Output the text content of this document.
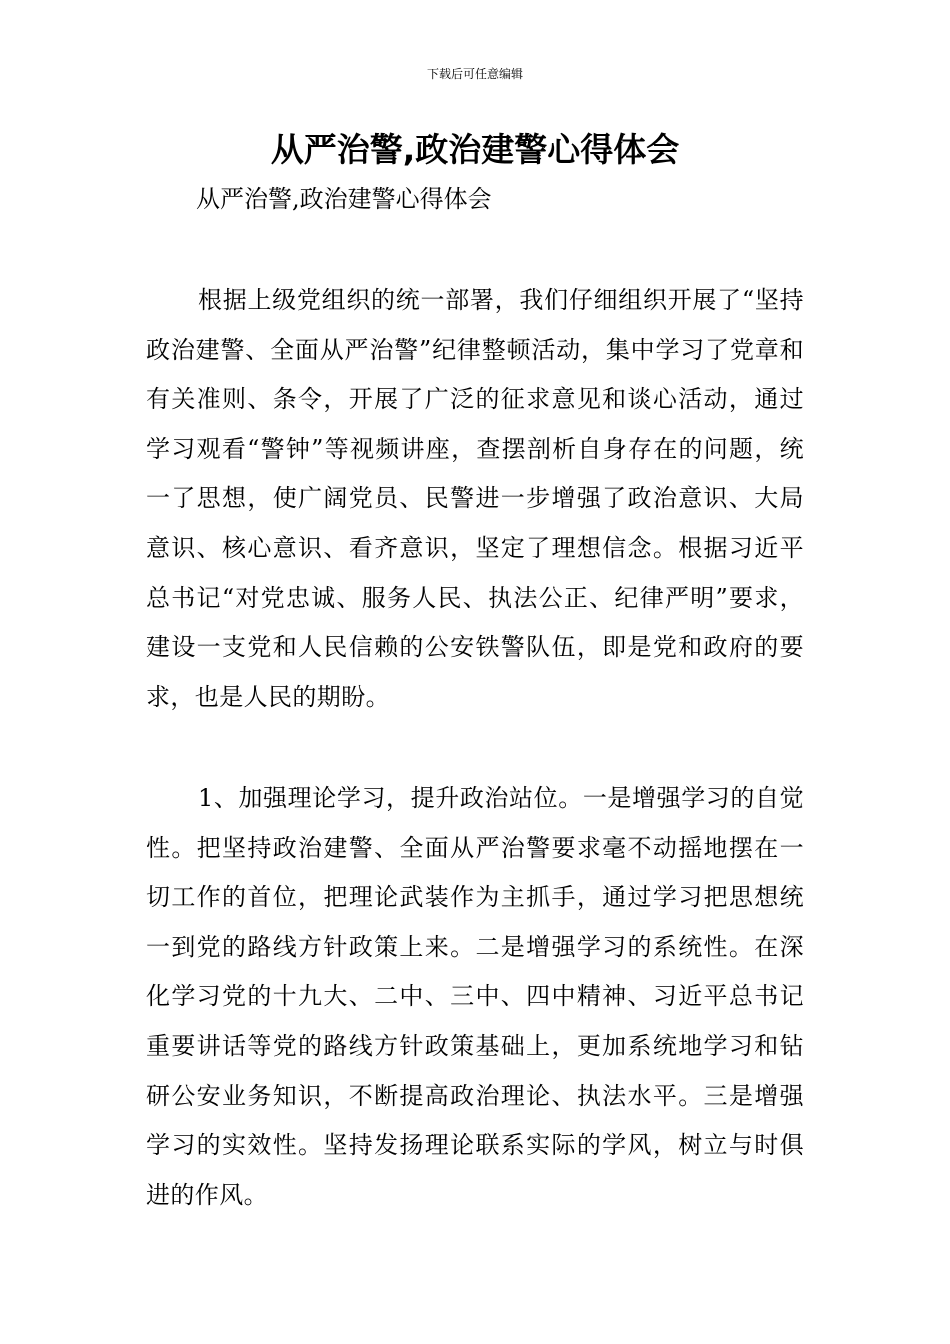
下载后可任意编辑
从严治警,政治建警心得体会

从严治警,政治建警心得体会

根据上级党组织的统一部署，我们仔细组织开展了“坚持政治建警、全面从严治警”纪律整顿活动，集中学习了党章和有关准则、条令，开展了广泛的征求意见和谈心活动，通过学习观看“警钟”等视频讲座，查摆剖析自身存在的问题，统一了思想，使广阔党员、民警进一步增强了政治意识、大局意识、核心意识、看齐意识，坚定了理想信念。根据习近平总书记“对党忠诚、服务人民、执法公正、纪律严明”要求，建设一支党和人民信赖的公安铁警队伍，即是党和政府的要求，也是人民的期盼。

1、加强理论学习，提升政治站位。一是增强学习的自觉性。把坚持政治建警、全面从严治警要求毫不动摇地摆在一切工作的首位，把理论武装作为主抓手，通过学习把思想统一到党的路线方针政策上来。二是增强学习的系统性。在深化学习党的十九大、二中、三中、四中精神、习近平总书记重要讲话等党的路线方针政策基础上，更加系统地学习和钻研公安业务知识，不断提高政治理论、执法水平。三是增强学习的实效性。坚持发扬理论联系实际的学风，树立与时俱进的作风。
